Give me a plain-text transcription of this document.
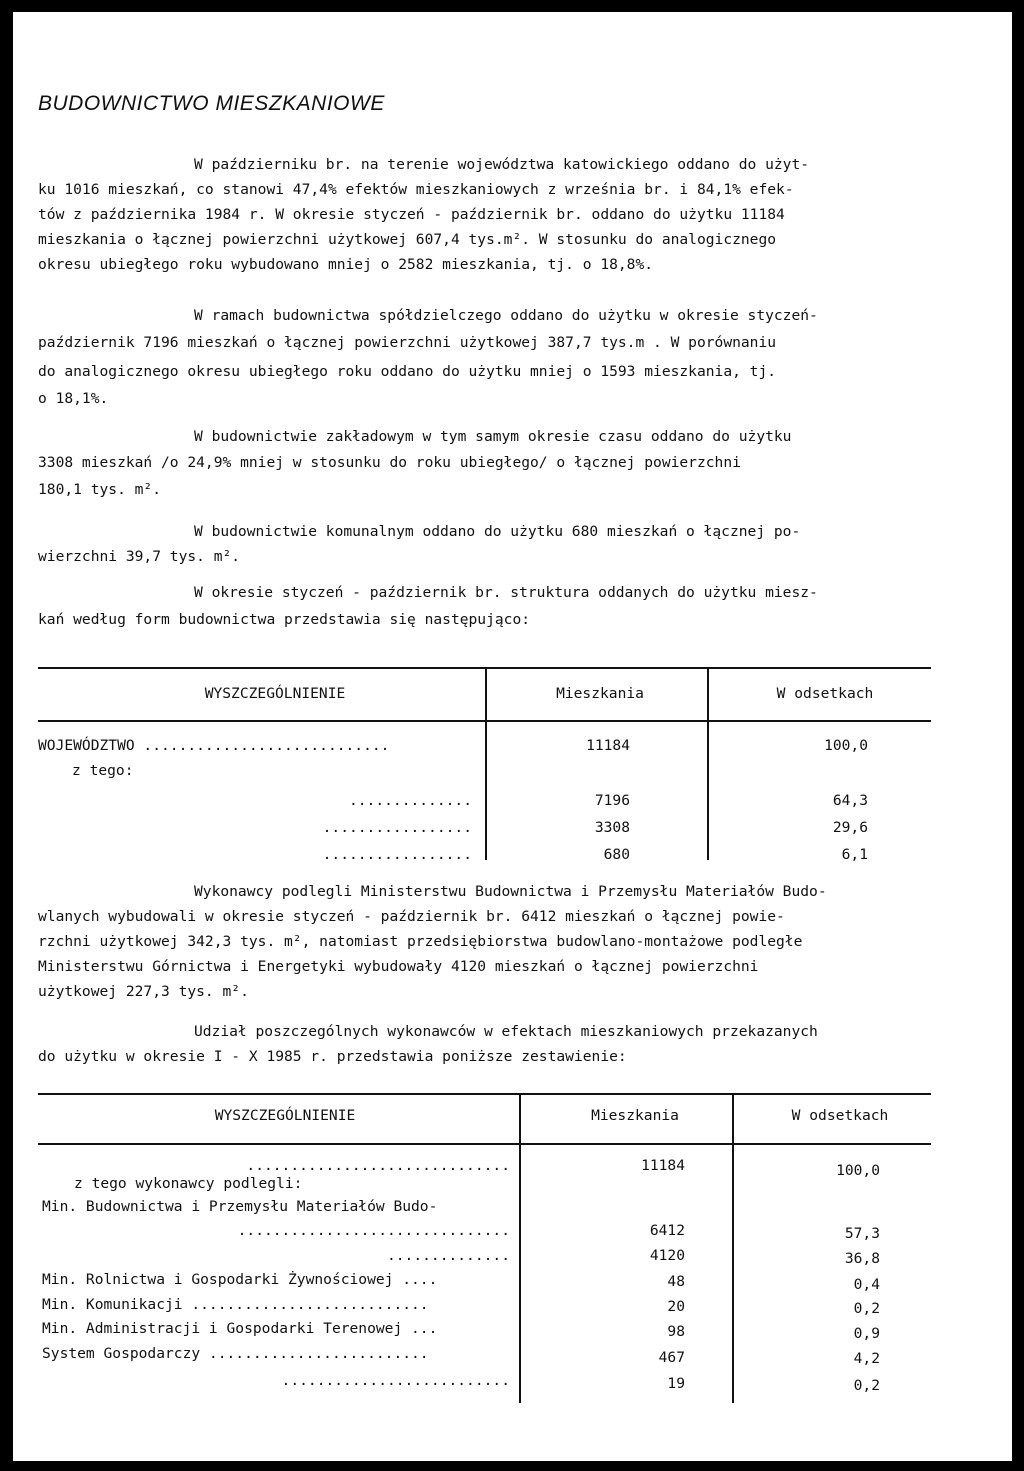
BUDOWNICTWO MIESZKANIOWE
W październiku br. na terenie województwa katowickiego oddano do użyt-
ku 1016 mieszkań, co stanowi 47,4% efektów mieszkaniowych z września br. i 84,1% efek-
tów z października 1984 r. W okresie styczeń - październik br. oddano do użytku 11184
mieszkania o łącznej powierzchni użytkowej 607,4 tys.m². W stosunku do analogicznego
okresu ubiegłego roku wybudowano mniej o 2582 mieszkania, tj. o 18,8%.
W ramach budownictwa spółdzielczego oddano do użytku w okresie styczeń-
październik 7196 mieszkań o łącznej powierzchni użytkowej 387,7 tys.m . W porównaniu
do analogicznego okresu ubiegłego roku oddano do użytku mniej o 1593 mieszkania, tj.
o 18,1%.
W budownictwie zakładowym w tym samym okresie czasu oddano do użytku
3308 mieszkań /o 24,9% mniej w stosunku do roku ubiegłego/ o łącznej powierzchni
180,1 tys. m².
W budownictwie komunalnym oddano do użytku 680 mieszkań o łącznej po-
wierzchni 39,7 tys. m².
W okresie styczeń - październik br. struktura oddanych do użytku miesz-
kań według form budownictwa przedstawia się następująco:
WYSZCZEGÓLNIENIE	Mieszkania	W odsetkach
WOJEWÓDZTWO ............................	11184	100,0
z tego:
..............	7196	64,3
.................	3308	29,6
.................	680	6,1
Wykonawcy podlegli Ministerstwu Budownictwa i Przemysłu Materiałów Budo-
wlanych wybudowali w okresie styczeń - październik br. 6412 mieszkań o łącznej powie-
rzchni użytkowej 342,3 tys. m², natomiast przedsiębiorstwa budowlano-montażowe podległe
Ministerstwu Górnictwa i Energetyki wybudowały 4120 mieszkań o łącznej powierzchni
użytkowej 227,3 tys. m².
Udział poszczególnych wykonawców w efektach mieszkaniowych przekazanych
do użytku w okresie I - X 1985 r. przedstawia poniższe zestawienie:
WYSZCZEGÓLNIENIE	Mieszkania	W odsetkach
..............................	11184	100,0
z tego wykonawcy podlegli:
Min. Budownictwa i Przemysłu Materiałów Budo-
...............................	6412	57,3
..............	4120	36,8
Min. Rolnictwa i Gospodarki Żywnościowej ....	48	0,4
Min. Komunikacji ...........................	20	0,2
Min. Administracji i Gospodarki Terenowej ...	98	0,9
System Gospodarczy .........................	467	4,2
..........................	19	0,2
